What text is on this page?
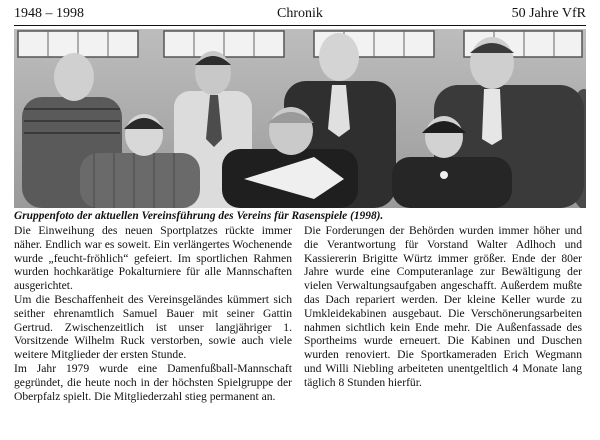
1948 – 1998	Chronik	50 Jahre VfR
Gruppenfoto der aktuellen Vereinsführung des Vereins für Rasenspiele (1998).

Die Einweihung des neuen Sportplatzes rückte immer näher. Endlich war es soweit. Ein verlängertes Wochenende wurde „feucht-fröhlich“ gefeiert. Im sportlichen Rahmen wurden hochkarätige Pokalturniere für alle Mannschaften ausgerichtet.

Um die Beschaffenheit des Vereinsgeländes kümmert sich seither ehrenamtlich Samuel Bauer mit seiner Gattin Gertrud. Zwischenzeitlich ist unser langjähriger 1. Vorsitzende Wilhelm Ruck verstorben, sowie auch viele weitere Mitglieder der ersten Stunde.

Im Jahr 1979 wurde eine Damenfußball-Mannschaft gegründet, die heute noch in der höchsten Spielgruppe der Oberpfalz spielt. Die Mitgliederzahl stieg permanent an.

Die Forderungen der Behörden wurden immer höher und die Verantwortung für Vorstand Walter Adlhoch und Kassiererin Brigitte Würtz immer größer. Ende der 80er Jahre wurde eine Computeranlage zur Bewältigung der vielen Verwaltungsaufgaben angeschafft. Außerdem mußte das Dach repariert werden. Der kleine Keller wurde zu Umkleidekabinen ausgebaut. Die Verschönerungsarbeiten nahmen sichtlich kein Ende mehr. Die Außenfassade des Sportheims wurde erneuert. Die Kabinen und Duschen wurden renoviert. Die Sportkameraden Erich Wegmann und Willi Niebling arbeiteten unentgeltlich 4 Monate lang täglich 8 Stunden hierfür.
